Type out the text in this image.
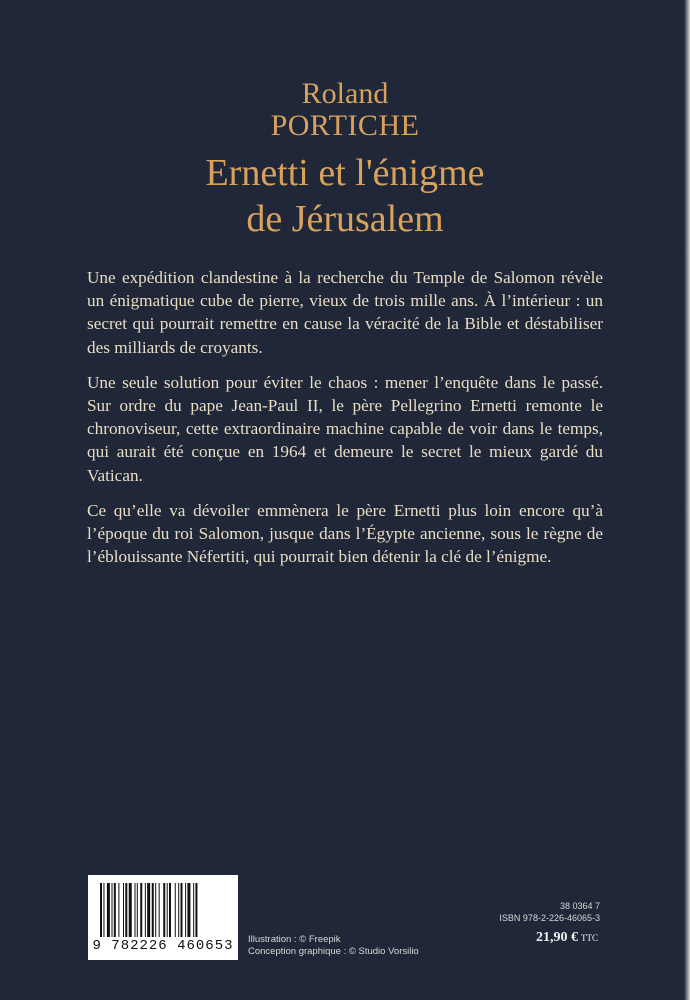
Roland
PORTICHE
Ernetti et l'énigme
de Jérusalem

Une expédition clandestine à la recherche du Temple de Salomon révèle un énigmatique cube de pierre, vieux de trois mille ans. À l’intérieur : un secret qui pourrait remettre en cause la véracité de la Bible et déstabiliser des milliards de croyants.

Une seule solution pour éviter le chaos : mener l’enquête dans le passé. Sur ordre du pape Jean-Paul II, le père Pellegrino Ernetti remonte le chronoviseur, cette extraordinaire machine capable de voir dans le temps, qui aurait été conçue en 1964 et demeure le secret le mieux gardé du Vatican.

Ce qu’elle va dévoiler emmènera le père Ernetti plus loin encore qu’à l’époque du roi Salomon, jusque dans l’Égypte ancienne, sous le règne de l’éblouissante Néfertiti, qui pourrait bien détenir la clé de l’énigme.

9 782226 460653	Illustration : © Freepik
Conception graphique : © Studio Vorsilio
38 0364 7
ISBN 978-2-226-46065-3
21,90 € TTC
